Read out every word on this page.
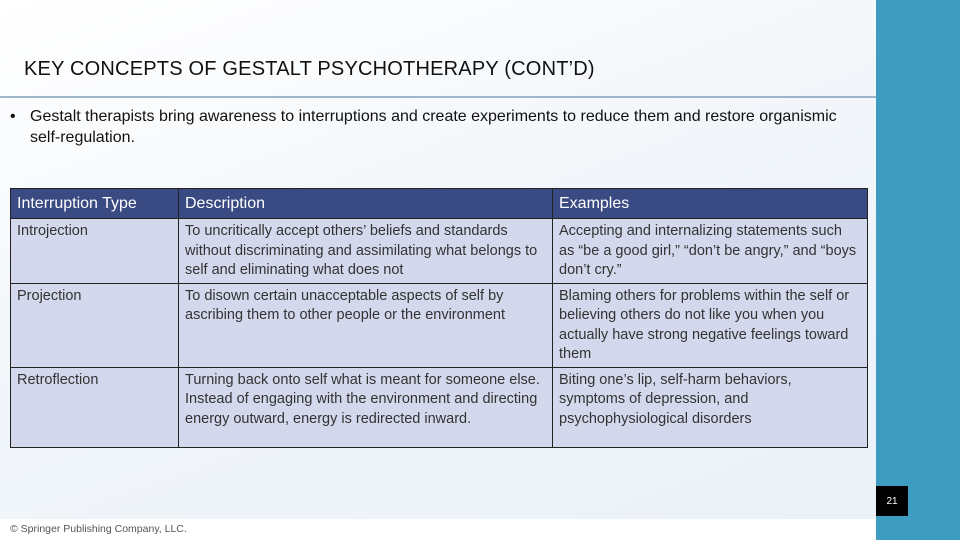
KEY CONCEPTS OF GESTALT PSYCHOTHERAPY (CONT’D)
• Gestalt therapists bring awareness to interruptions and create experiments to reduce them and restore organismic self-regulation.
Interruption Type	Description	Examples
Introjection	To uncritically accept others’ beliefs and standards without discriminating and assimilating what belongs to self and eliminating what does not	Accepting and internalizing statements such as “be a good girl,” “don’t be angry,” and “boys don’t cry.”
Projection	To disown certain unacceptable aspects of self by ascribing them to other people or the environment	Blaming others for problems within the self or believing others do not like you when you actually have strong negative feelings toward them
Retroflection	Turning back onto self what is meant for someone else. Instead of engaging with the environment and directing energy outward, energy is redirected inward.	Biting one’s lip, self-harm behaviors, symptoms of depression, and psychophysiological disorders
21
© Springer Publishing Company, LLC.
